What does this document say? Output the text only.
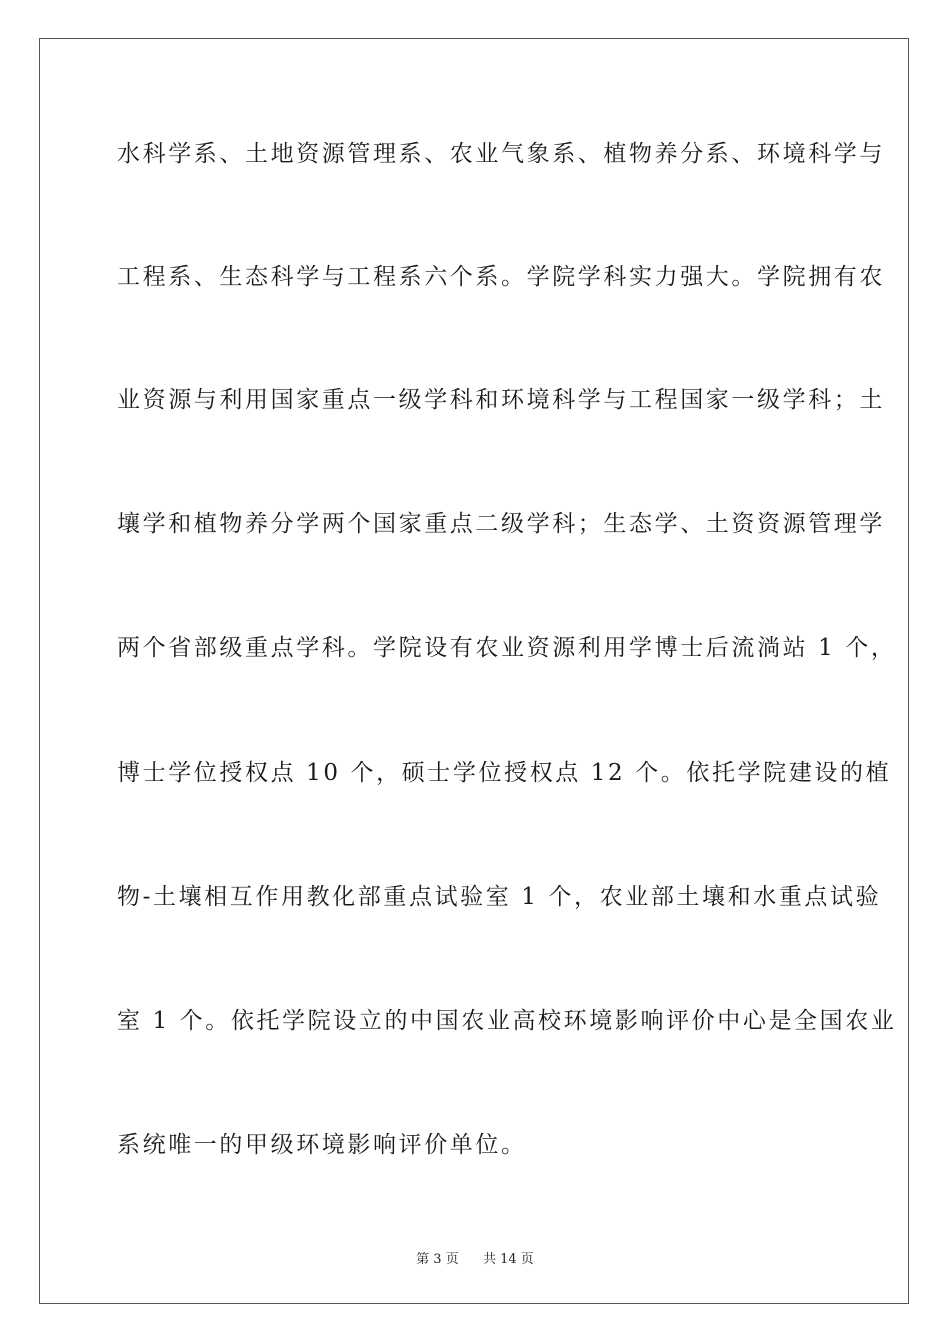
水科学系、土地资源管理系、农业气象系、植物养分系、环境科学与
工程系、生态科学与工程系六个系。学院学科实力强大。学院拥有农
业资源与利用国家重点一级学科和环境科学与工程国家一级学科；土
壤学和植物养分学两个国家重点二级学科；生态学、土资资源管理学
两个省部级重点学科。学院设有农业资源利用学博士后流淌站 1 个，
博士学位授权点 10 个，硕士学位授权点 12 个。依托学院建设的植
物-土壤相互作用教化部重点试验室 1 个，农业部土壤和水重点试验
室 1 个。依托学院设立的中国农业高校环境影响评价中心是全国农业
系统唯一的甲级环境影响评价单位。
第 3 页 共 14 页
